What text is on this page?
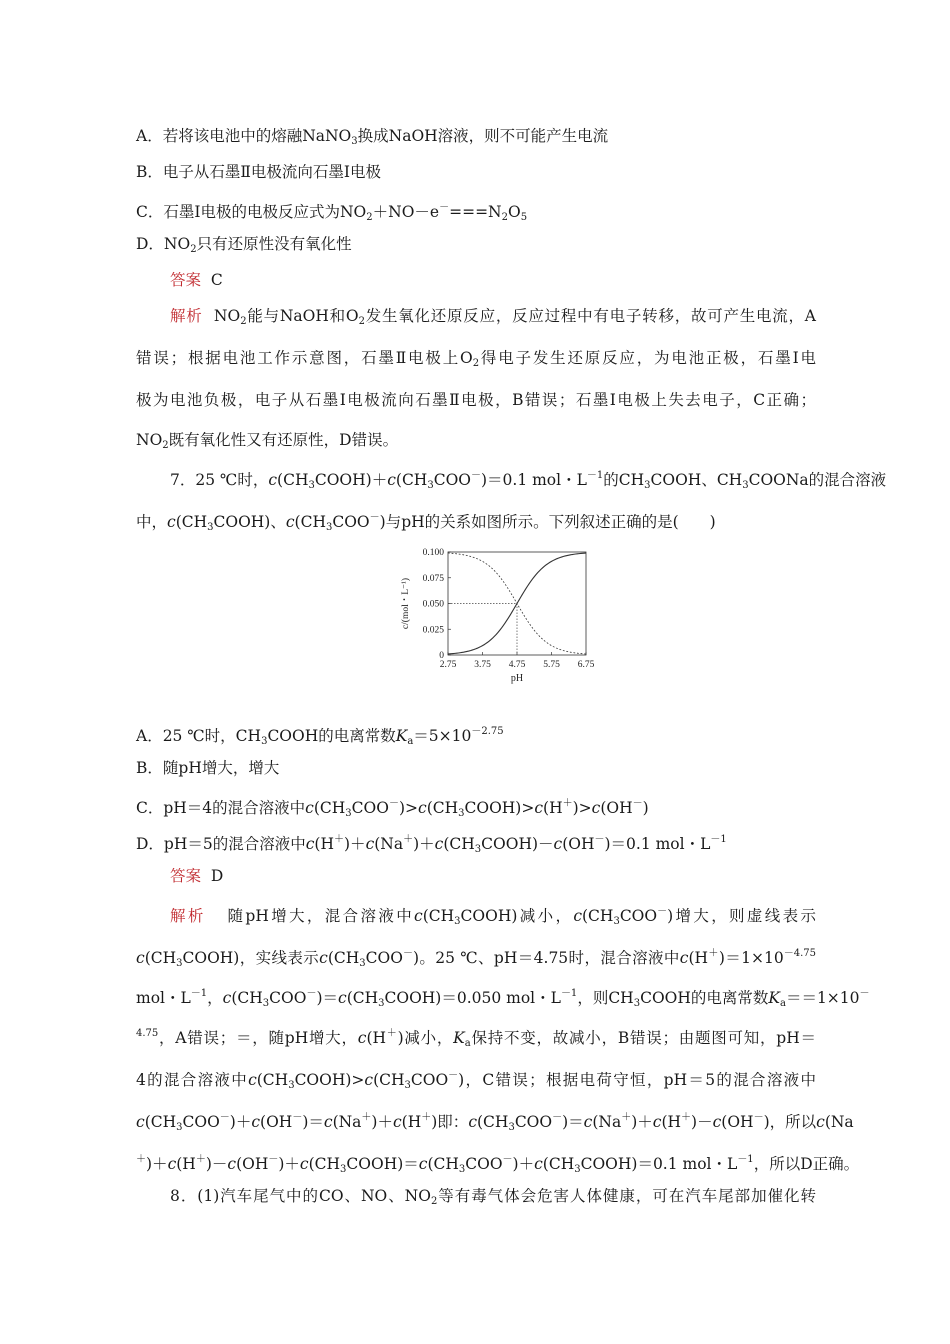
A．若将该电池中的熔融NaNO$_3$换成NaOH溶液，则不可能产生电流
B．电子从石墨Ⅱ电极流向石墨Ⅰ电极
C．石墨Ⅰ电极的电极反应式为$NO_2+NO-e^-===N_2O_5$
D．$NO_2$只有还原性没有氧化性
答案 C
解析  $NO_2$能与NaOH和$O_2$发生氧化还原反应，反应过程中有电子转移，故可产生电流，A
错误；根据电池工作示意图，石墨Ⅱ电极上$O_2$得电子发生还原反应，为电池正极，石墨Ⅰ电
极为电池负极，电子从石墨Ⅰ电极流向石墨Ⅱ电极，B错误；石墨Ⅰ电极上失去电子，C正确；
$NO_2$既有氧化性又有还原性，D错误。
7．25 ℃时，$c(CH_3COOH)+c(CH_3COO^-)=0.1$ mol・$L^{-1}$的$CH_3COOH$、$CH_3COONa$的混合溶液
中，$c(CH_3COOH)$、$c(CH_3COO^-)$与pH的关系如图所示。下列叙述正确的是(　　)
2.75 3.75 4.75 5.75 6.75
0
0.025
0.050
0.075
0.100
pH
c/(mol・L⁻¹)
A．25 ℃时，$CH_3COOH$的电离常数$K_a=5\times 10^{-2.75}$
B．随pH增大，增大
C．pH＝4的混合溶液中$c(CH_3COO^-)>c(CH_3COOH)>c(H^+)>c(OH^-)$
D．pH＝5的混合溶液中$c(H^+)+c(Na^+)+c(CH_3COOH)-c(OH^-)=0.1$ mol・$L^{-1}$
答案 D
解析   随pH增大，混合溶液中$c(CH_3COOH)$减小，$c(CH_3COO^-)$增大，则虚线表示
$c(CH_3COOH)$，实线表示$c(CH_3COO^-)$。25 ℃、pH＝4.75时，混合溶液中$c(H^+)=1\times 10^{-4.75}$
mol・$L^{-1}$，$c(CH_3COO^-)=c(CH_3COOH)=0.050$ mol・$L^{-1}$，则$CH_3COOH$的电离常数$K_a==1\times 10^-$
$^{4.75}$，A错误；＝，随pH增大，c(H＋)减小，$K_a$保持不变，故减小，B错误；由题图可知，pH＝
4的混合溶液中$c(CH_3COOH)>c(CH_3COO^-)$，C错误；根据电荷守恒，pH＝5的混合溶液中
$c(CH_3COO^-)+c(OH^-)=c(Na^+)+c(H^+)$即：$c(CH_3COO^-)=c(Na^+)+c(H^+)-c(OH^-)$，所以c(Na
$^+)+c(H^+)-c(OH^-)+c(CH_3COOH)=c(CH_3COO^-)+c(CH_3COOH)=0.1$ mol・$L^{-1}$，所以D正确。
8．(1)汽车尾气中的CO、NO、$NO_2$等有毒气体会危害人体健康，可在汽车尾部加催化转
